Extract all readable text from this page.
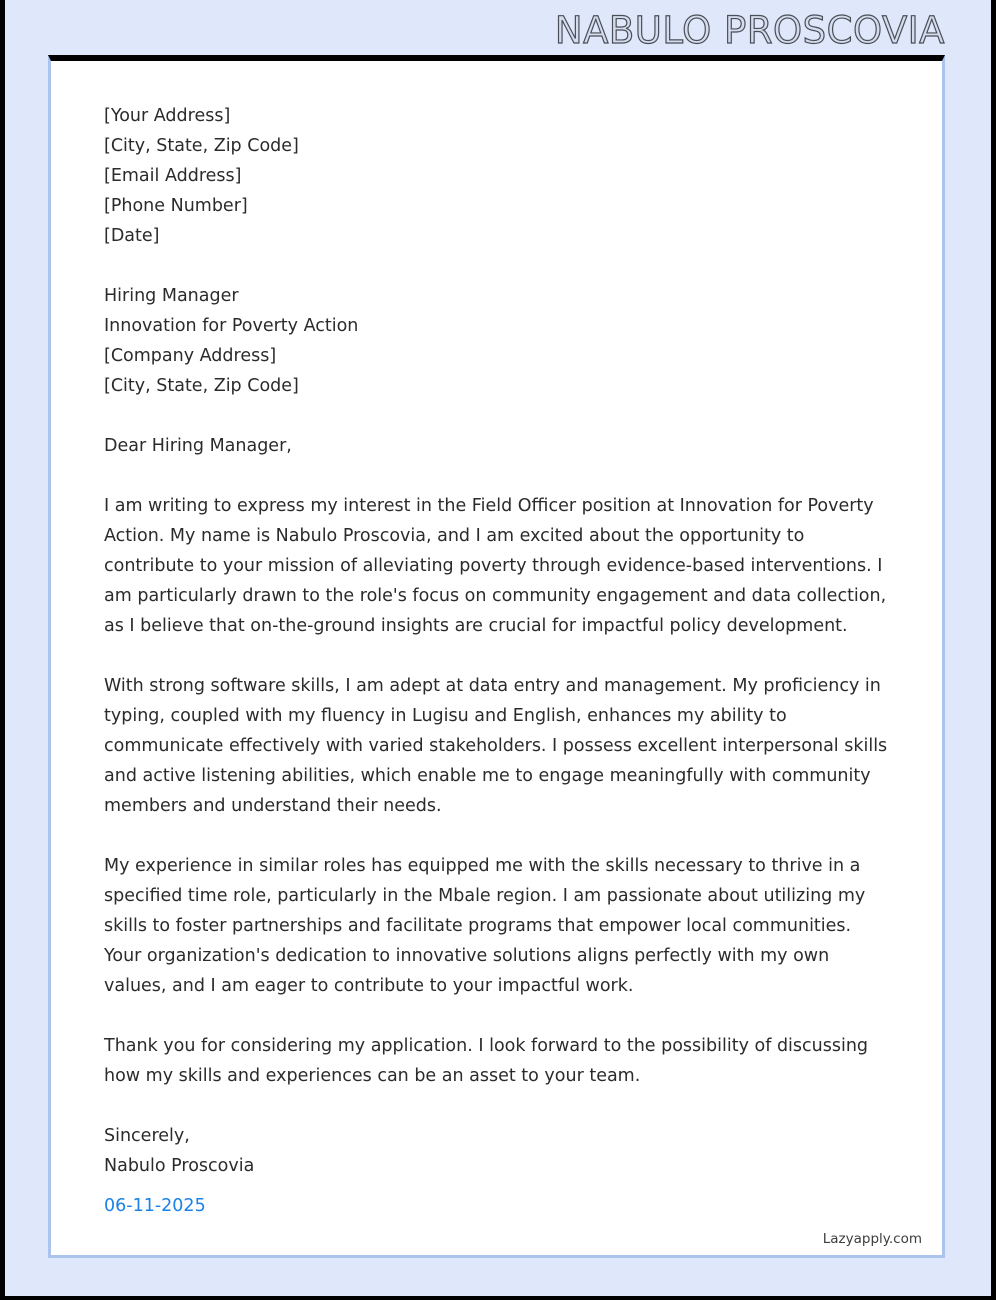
NABULO PROSCOVIA
[Your Address]
[City, State, Zip Code]
[Email Address]
[Phone Number]
[Date]
Hiring Manager
Innovation for Poverty Action
[Company Address]
[City, State, Zip Code]

Dear Hiring Manager,

I am writing to express my interest in the Field Officer position at Innovation for Poverty Action. My name is Nabulo Proscovia, and I am excited about the opportunity to contribute to your mission of alleviating poverty through evidence-based interventions. I am particularly drawn to the role's focus on community engagement and data collection, as I believe that on-the-ground insights are crucial for impactful policy development.

With strong software skills, I am adept at data entry and management. My proficiency in typing, coupled with my fluency in Lugisu and English, enhances my ability to communicate effectively with varied stakeholders. I possess excellent interpersonal skills and active listening abilities, which enable me to engage meaningfully with community members and understand their needs.

My experience in similar roles has equipped me with the skills necessary to thrive in a specified time role, particularly in the Mbale region. I am passionate about utilizing my skills to foster partnerships and facilitate programs that empower local communities. Your organization's dedication to innovative solutions aligns perfectly with my own values, and I am eager to contribute to your impactful work.

Thank you for considering my application. I look forward to the possibility of discussing how my skills and experiences can be an asset to your team.

Sincerely,
Nabulo Proscovia
06-11-2025
Lazyapply.com
